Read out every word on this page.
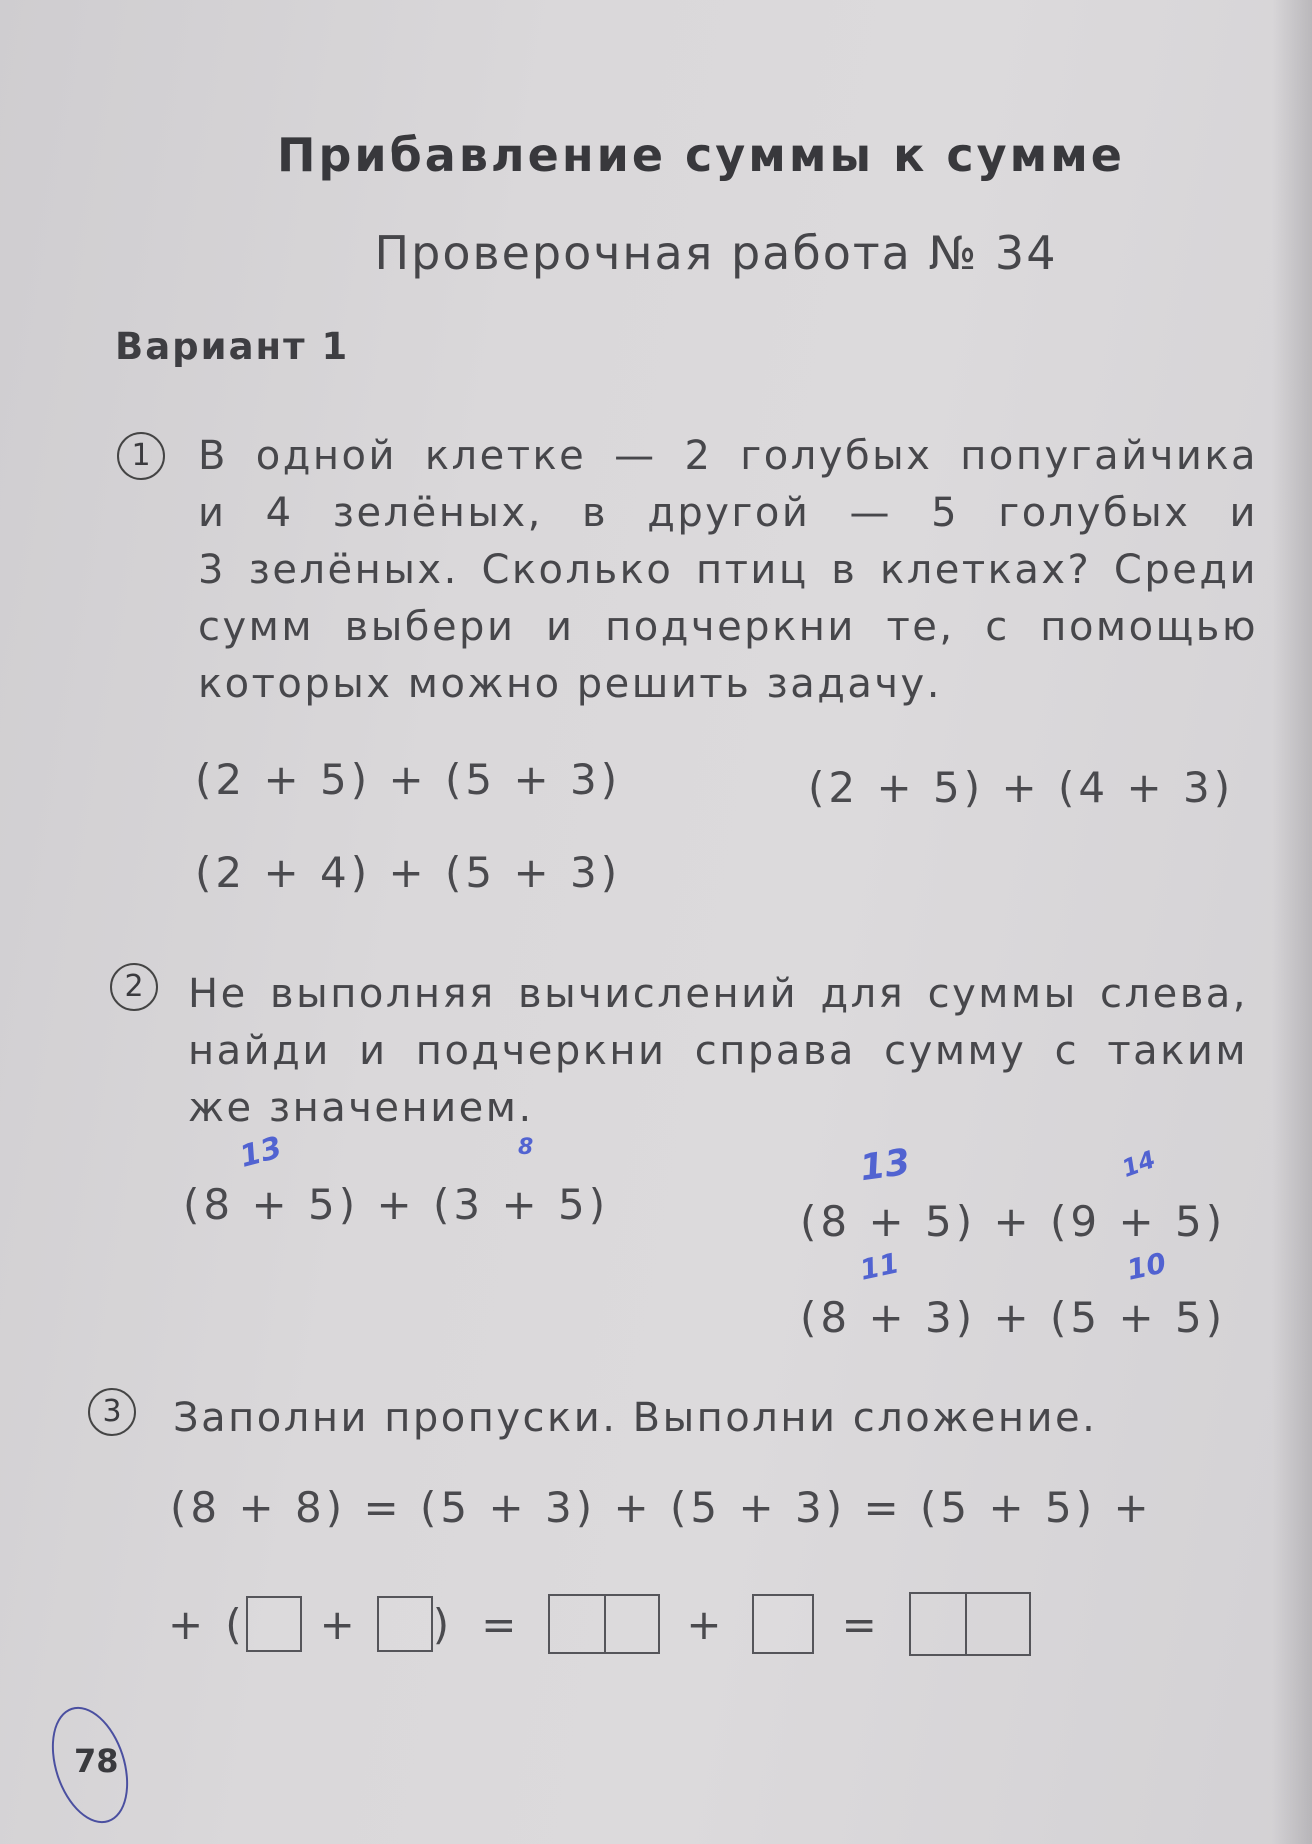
Прибавление суммы к сумме
Проверочная работа № 34
Вариант 1
1	В одной клетке — 2 голубых попугайчика
и 4 зелёных, в другой — 5 голубых и
3 зелёных. Сколько птиц в клетках? Среди
сумм выбери и подчеркни те, с помощью
которых можно решить задачу.
(2 + 5) + (5 + 3)	(2 + 5) + (4 + 3)
(2 + 4) + (5 + 3)
2	Не выполняя вычислений для суммы слева,
найди и подчеркни справа сумму с таким
же значением.
(8 + 5) + (3 + 5)	(8 + 5) + (9 + 5)
(8 + 3) + (5 + 5)
13	8	13	14
11	10
3	Заполни пропуски. Выполни сложение.
(8 + 8) = (5 + 3) + (5 + 3) = (5 + 5) +
+ ( + ) =	+	=
78
